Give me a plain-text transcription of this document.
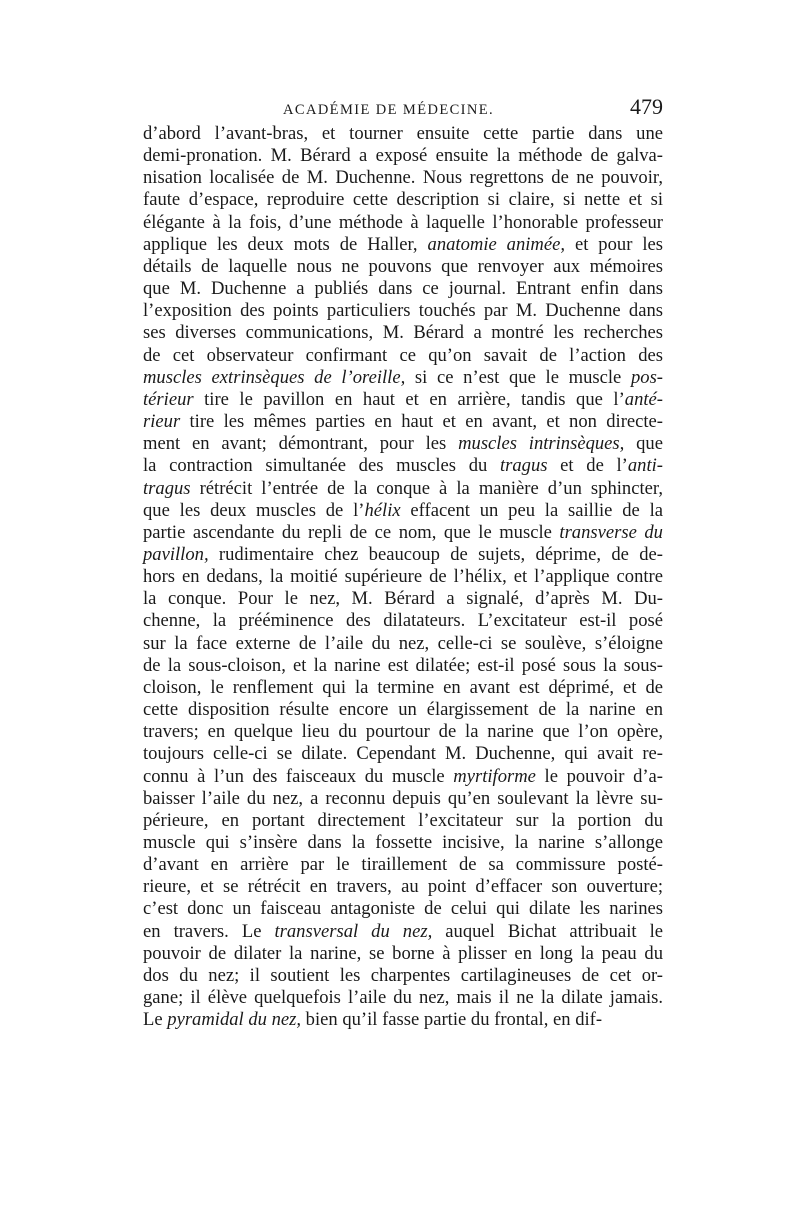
ACADÉMIE DE MÉDECINE.	479
d’abord l’avant-bras, et tourner ensuite cette partie dans une
demi-pronation. M. Bérard a exposé ensuite la méthode de galva-
nisation localisée de M. Duchenne. Nous regrettons de ne pouvoir,
faute d’espace, reproduire cette description si claire, si nette et si
élégante à la fois, d’une méthode à laquelle l’honorable professeur
applique les deux mots de Haller, anatomie animée, et pour les
détails de laquelle nous ne pouvons que renvoyer aux mémoires
que M. Duchenne a publiés dans ce journal. Entrant enfin dans
l’exposition des points particuliers touchés par M. Duchenne dans
ses diverses communications, M. Bérard a montré les recherches
de cet observateur confirmant ce qu’on savait de l’action des
muscles extrinsèques de l’oreille, si ce n’est que le muscle pos-
térieur tire le pavillon en haut et en arrière, tandis que l’anté-
rieur tire les mêmes parties en haut et en avant, et non directe-
ment en avant; démontrant, pour les muscles intrinsèques, que
la contraction simultanée des muscles du tragus et de l’anti-
tragus rétrécit l’entrée de la conque à la manière d’un sphincter,
que les deux muscles de l’hélix effacent un peu la saillie de la
partie ascendante du repli de ce nom, que le muscle transverse du
pavillon, rudimentaire chez beaucoup de sujets, déprime, de de-
hors en dedans, la moitié supérieure de l’hélix, et l’applique contre
la conque. Pour le nez, M. Bérard a signalé, d’après M. Du-
chenne, la prééminence des dilatateurs. L’excitateur est-il posé
sur la face externe de l’aile du nez, celle-ci se soulève, s’éloigne
de la sous-cloison, et la narine est dilatée; est-il posé sous la sous-
cloison, le renflement qui la termine en avant est déprimé, et de
cette disposition résulte encore un élargissement de la narine en
travers; en quelque lieu du pourtour de la narine que l’on opère,
toujours celle-ci se dilate. Cependant M. Duchenne, qui avait re-
connu à l’un des faisceaux du muscle myrtiforme le pouvoir d’a-
baisser l’aile du nez, a reconnu depuis qu’en soulevant la lèvre su-
périeure, en portant directement l’excitateur sur la portion du
muscle qui s’insère dans la fossette incisive, la narine s’allonge
d’avant en arrière par le tiraillement de sa commissure posté-
rieure, et se rétrécit en travers, au point d’effacer son ouverture;
c’est donc un faisceau antagoniste de celui qui dilate les narines
en travers. Le transversal du nez, auquel Bichat attribuait le
pouvoir de dilater la narine, se borne à plisser en long la peau du
dos du nez; il soutient les charpentes cartilagineuses de cet or-
gane; il élève quelquefois l’aile du nez, mais il ne la dilate jamais.
Le pyramidal du nez, bien qu’il fasse partie du frontal, en dif-
